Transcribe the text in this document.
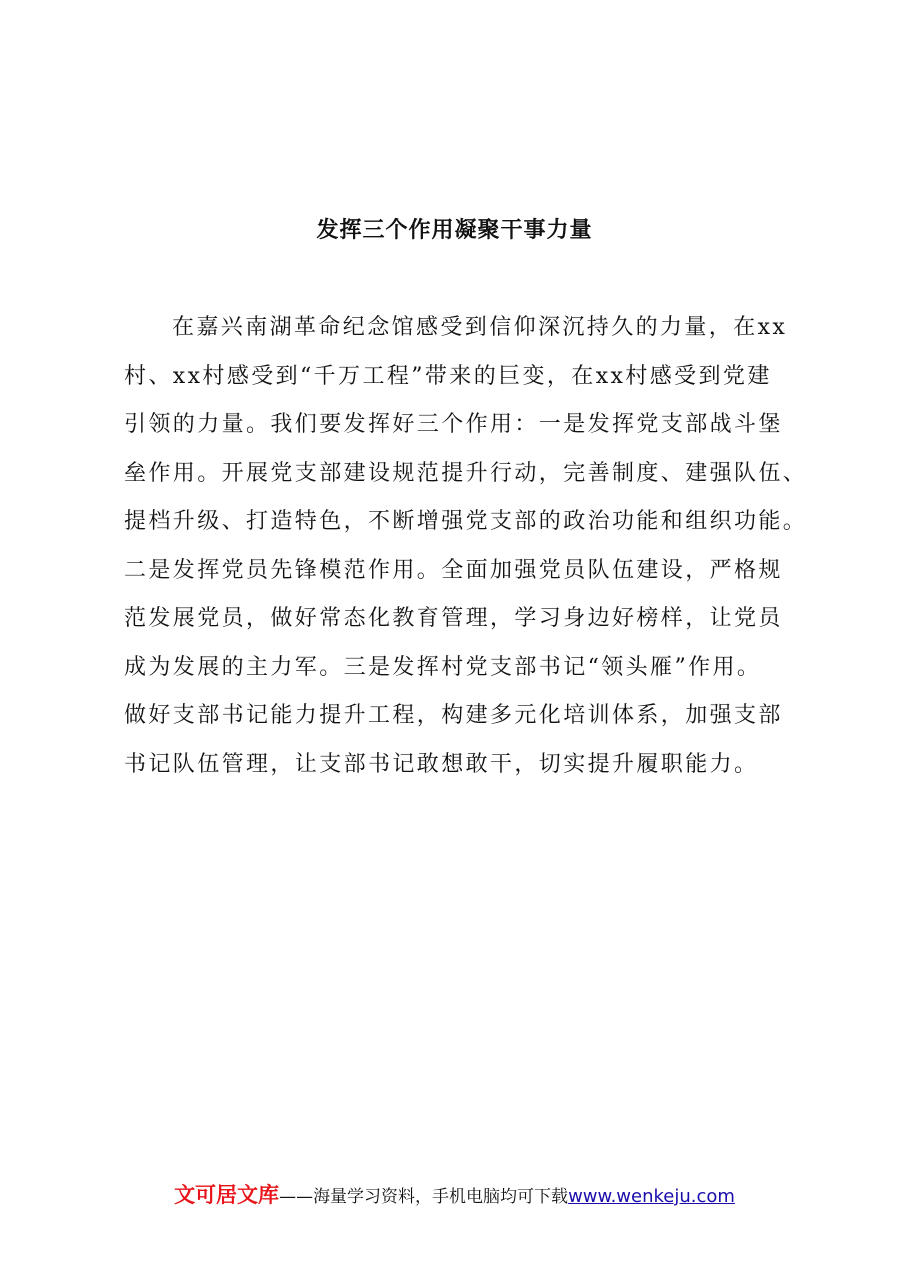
发挥三个作用凝聚干事力量
在嘉兴南湖革命纪念馆感受到信仰深沉持久的力量，在xx
村、xx村感受到“千万工程”带来的巨变，在xx村感受到党建
引领的力量。我们要发挥好三个作用：一是发挥党支部战斗堡
垒作用。开展党支部建设规范提升行动，完善制度、建强队伍、
提档升级、打造特色，不断增强党支部的政治功能和组织功能。
二是发挥党员先锋模范作用。全面加强党员队伍建设，严格规
范发展党员，做好常态化教育管理，学习身边好榜样，让党员
成为发展的主力军。三是发挥村党支部书记“领头雁”作用。
做好支部书记能力提升工程，构建多元化培训体系，加强支部
书记队伍管理，让支部书记敢想敢干，切实提升履职能力。
文可居文库——海量学习资料，手机电脑均可下载www.wenkeju.com
